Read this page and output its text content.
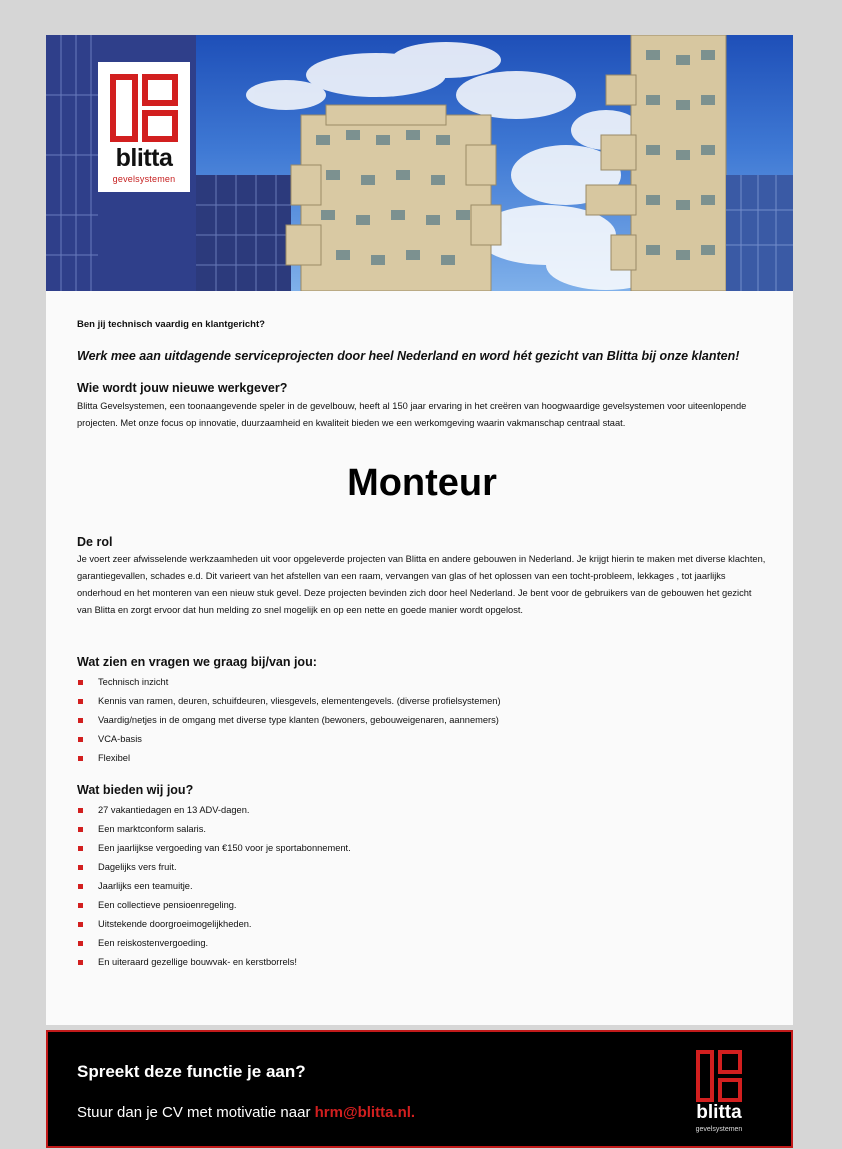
blitta
gevelsystemen
Ben jij technisch vaardig en klantgericht?
Werk mee aan uitdagende serviceprojecten door heel Nederland en word hét gezicht van Blitta bij onze klanten!
Wie wordt jouw nieuwe werkgever?
Blitta Gevelsystemen, een toonaangevende speler in de gevelbouw, heeft al 150 jaar ervaring in het creëren van hoogwaardige gevelsystemen voor uiteenlopende projecten. Met onze focus op innovatie, duurzaamheid en kwaliteit bieden we een werkomgeving waarin vakmanschap centraal staat.
Monteur
De rol
Je voert zeer afwisselende werkzaamheden uit voor opgeleverde projecten van Blitta en andere gebouwen in Nederland. Je krijgt hierin te maken met diverse klachten, garantiegevallen, schades e.d. Dit varieert van het afstellen van een raam, vervangen van glas of het oplossen van een tocht-probleem, lekkages , tot jaarlijks onderhoud en het monteren van een nieuw stuk gevel. Deze projecten bevinden zich door heel Nederland. Je bent voor de gebruikers van de gebouwen het gezicht van Blitta en zorgt ervoor dat hun melding zo snel mogelijk en op een nette en goede manier wordt opgelost.
Wat zien en vragen we graag bij/van jou:
Technisch inzicht
Kennis van ramen, deuren, schuifdeuren, vliesgevels, elementengevels. (diverse profielsystemen)
Vaardig/netjes in de omgang met diverse type klanten (bewoners, gebouweigenaren, aannemers)
VCA-basis
Flexibel
Wat bieden wij jou?
27 vakantiedagen en 13 ADV-dagen.
Een marktconform salaris.
Een jaarlijkse vergoeding van €150 voor je sportabonnement.
Dagelijks vers fruit.
Jaarlijks een teamuitje.
Een collectieve pensioenregeling.
Uitstekende doorgroeimogelijkheden.
Een reiskostenvergoeding.
En uiteraard gezellige bouwvak- en kerstborrels!
Spreekt deze functie je aan?
Stuur dan je CV met motivatie naar hrm@blitta.nl.	blitta
gevelsystemen
